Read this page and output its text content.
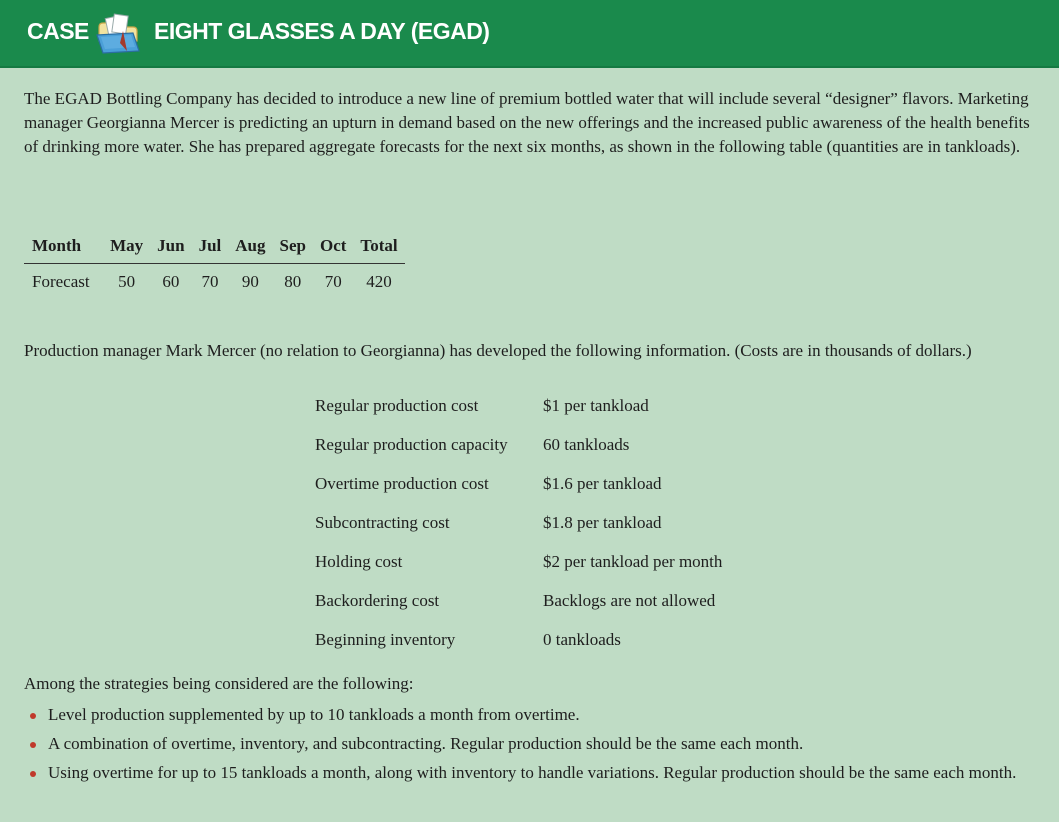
CASE	EIGHT GLASSES A DAY (EGAD)

The EGAD Bottling Company has decided to introduce a new line of premium bottled water that will include several “designer” flavors. Marketing manager Georgianna Mercer is predicting an upturn in demand based on the new offerings and the increased public awareness of the health benefits of drinking more water. She has prepared aggregate forecasts for the next six months, as shown in the following table (quantities are in tankloads).

Month	May	Jun	Jul	Aug	Sep	Oct	Total
Forecast	50	60	70	90	80	70	420

Production manager Mark Mercer (no relation to Georgianna) has developed the following information. (Costs are in thousands of dollars.)

Regular production cost	$1 per tankload
Regular production capacity 60 tankloads
Overtime production cost	$1.6 per tankload
Subcontracting cost	$1.8 per tankload
Holding cost	$2 per tankload per month
Backordering cost	Backlogs are not allowed
Beginning inventory	0 tankloads

Among the strategies being considered are the following:

Level production supplemented by up to 10 tankloads a month from overtime.
A combination of overtime, inventory, and subcontracting. Regular production should be the same each month.
Using overtime for up to 15 tankloads a month, along with inventory to handle variations. Regular production should be the same each month.
